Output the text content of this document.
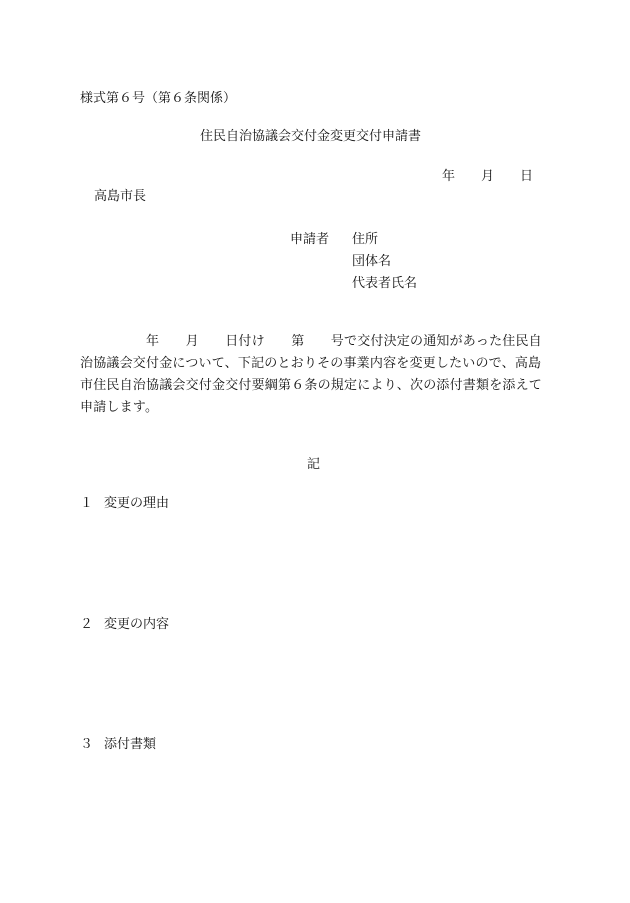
様式第６号（第６条関係）
住民自治協議会交付金変更交付申請書
年　　月　　日
高島市長
申請者 住所
団体名
代表者氏名
　　　　　年　　月　　日付け　　第　　号で交付決定の通知があった住民自
治協議会交付金について、下記のとおりその事業内容を変更したいので、高島
市住民自治協議会交付金交付要綱第６条の規定により、次の添付書類を添えて
申請します。
記
１ 変更の理由
２ 変更の内容
３ 添付書類
